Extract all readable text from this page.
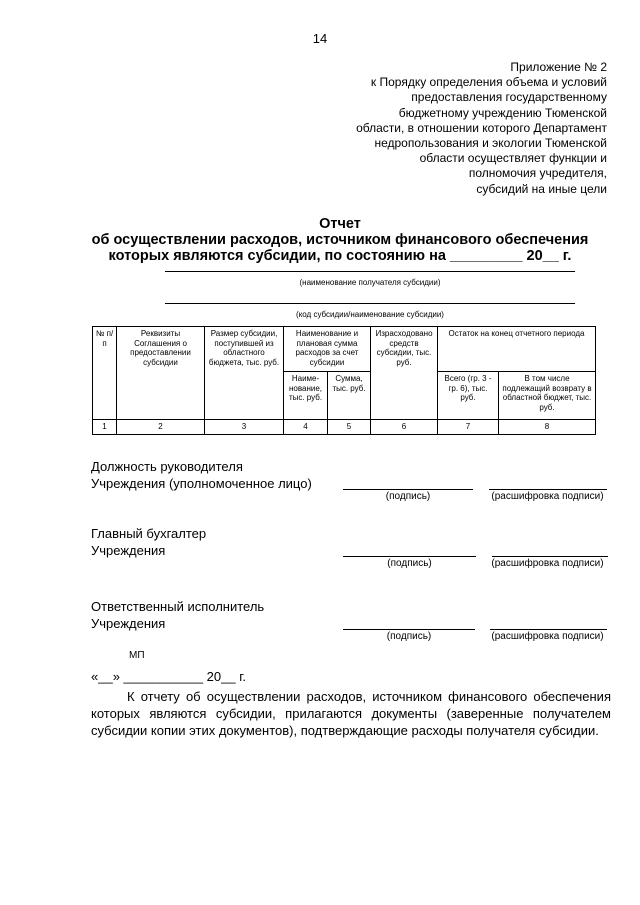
14
Приложение № 2
к Порядку определения объема и условий
предоставления государственному
бюджетному учреждению Тюменской
области, в отношении которого Департамент
недропользования и экологии Тюменской
области осуществляет функции и
полномочия учредителя,
субсидий на иные цели
Отчет
об осуществлении расходов, источником финансового обеспечения
которых являются субсидии, по состоянию на _________ 20__ г.
(наименование получателя субсидии)
(код субсидии/наименование субсидии)
№ п/п	Реквизиты Соглашения о предоставлении субсидии	Размер субсидии, поступившей из областного бюджета, тыс. руб.	Наименование и плановая сумма расходов за счет субсидии		Израсходовано средств субсидии, тыс. руб.	Остаток на конец отчетного периода	
			Наиме-нование, тыс. руб.	Сумма, тыс. руб.		Всего (гр. 3 - гр. 6), тыс. руб.	В том числе подлежащий возврату в областной бюджет, тыс. руб.
1	2	3	4	5	6	7	8
Должность руководителя
Учреждения (уполномоченное лицо)
(подпись)	(расшифровка подписи)
Главный бухгалтер
Учреждения
(подпись)	(расшифровка подписи)
Ответственный исполнитель
Учреждения
(подпись)	(расшифровка подписи)
МП
«__» ___________ 20__ г.
К отчету об осуществлении расходов, источником финансового обеспечения которых являются субсидии, прилагаются документы (заверенные получателем субсидии копии этих документов), подтверждающие расходы получателя субсидии.
